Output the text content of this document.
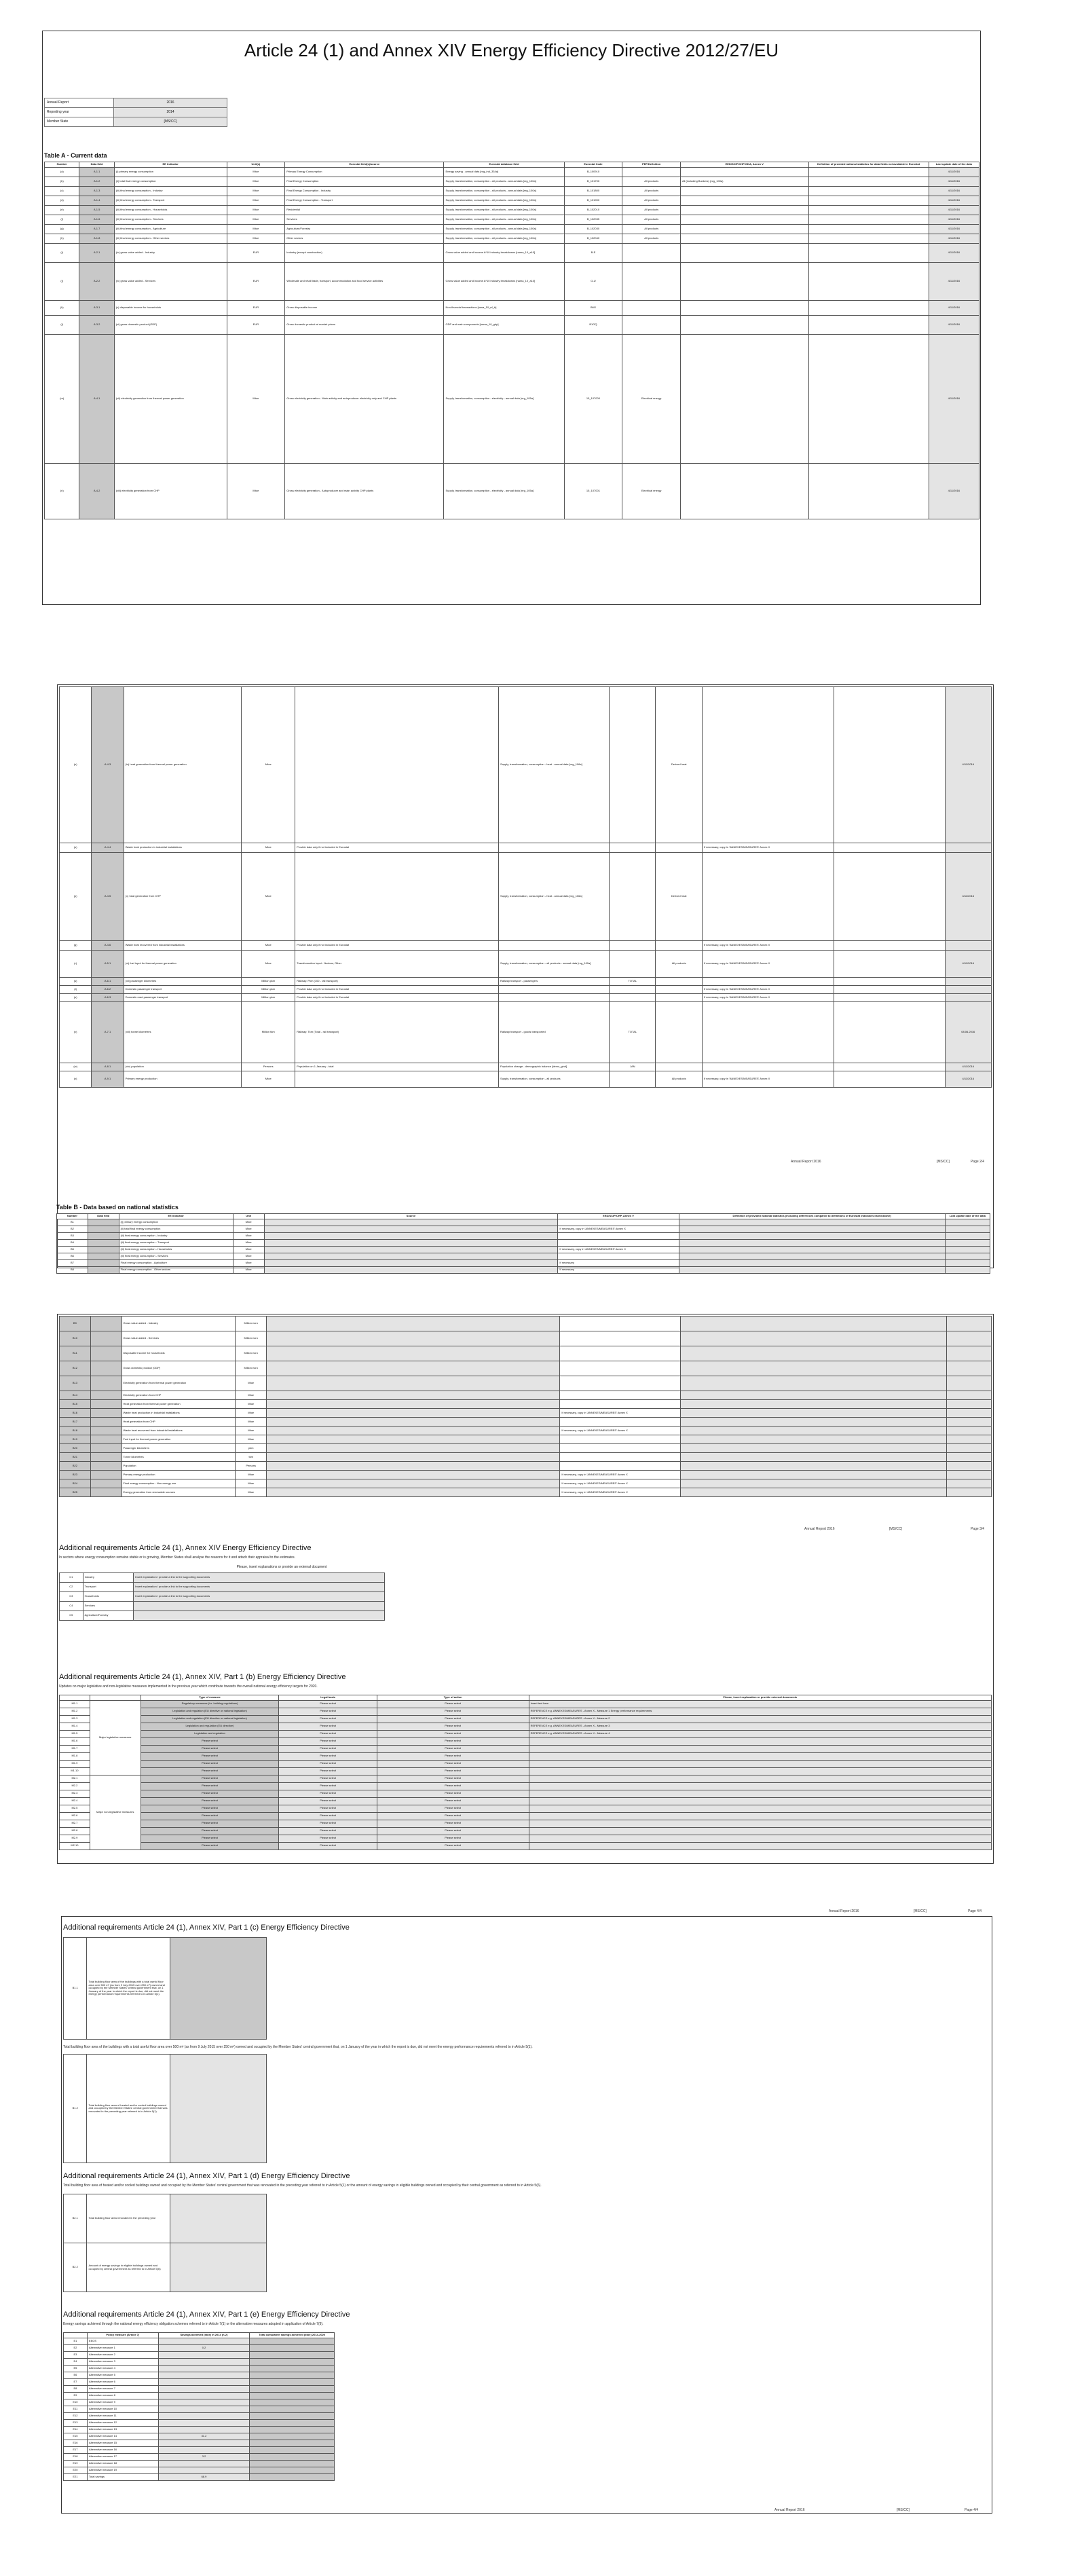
Article 24 (1) and Annex XIV Energy Efficiency Directive 2012/27/EU
Annual Report	2016
Reporting year	2014
Member State	[MS/CC]
Table A - Current data
Number	Data field	EE Indicator	Unit(s)	Eurostat field(s)/source	Eurostat database field	Eurostat Code	PEF/Definition	EED/SCIP/CHP/ODA, Annex V	Definition of provided national statistics for data fields not available in Eurostat	Last update date of the data
(a)	A.1.1	(i) primary energy consumption	Mtoe	Primary Energy Consumption	Energy saving - annual data [nrg_ind_334a]	B_100910				4/11/2016
(b)	A.1.2	(ii) total final energy consumption	Mtoe	Final Energy Consumption	Supply, transformation, consumption - all products - annual data [nrg_100a]	B_101700	All products	All (including Bunkers) (nrg_100a)		4/11/2016
(c)	A.1.3	(iii) final energy consumption - Industry	Mtoe	Final Energy Consumption - Industry	Supply, transformation, consumption - all products - annual data [nrg_100a]	B_101800	All products			4/11/2016
(d)	A.1.4	(iii) final energy consumption - Transport	Mtoe	Final Energy Consumption - Transport	Supply, transformation, consumption - all products - annual data [nrg_100a]	B_101900	All products			4/11/2016
(e)	A.1.5	(iii) final energy consumption - Households	Mtoe	Residential	Supply, transformation, consumption - all products - annual data [nrg_100a]	B_102010	All products			4/11/2016
(f)	A.1.6	(iii) final energy consumption - Services	Mtoe	Services	Supply, transformation, consumption - all products - annual data [nrg_100a]	B_102035	All products			4/11/2016
(g)	A.1.7	(iii) final energy consumption - Agriculture	Mtoe	Agriculture/Forestry	Supply, transformation, consumption - all products - annual data [nrg_100a]	B_102030	All products			4/11/2016
(h)	A.1.8	(iii) final energy consumption - Other sectors	Mtoe	Other sectors	Supply, transformation, consumption - all products - annual data [nrg_100a]	B_102040	All products			4/11/2016
(i)	A.2.1	(iv) gross value added - Industry	EUR	Industry (except construction)	Gross value added and income A*10 industry breakdowns [nama_10_a10]	B-E				4/11/2016
(j)	A.2.2	(iv) gross value added - Services	EUR	Wholesale and retail trade, transport, accommodation and food service activities	Gross value added and income A*10 industry breakdowns [nama_10_a10]	G-U				4/11/2016
(k)	A.3.1	(v) disposable income for households	EUR	Gross disposable income	Non-financial transactions [nasa_10_nf_tr]	B6G				4/11/2016
(l)	A.3.2	(vi) gross domestic product (GDP)	EUR	Gross domestic product at market prices	GDP and main components [nama_10_gdp]	B1GQ				4/11/2016
(m)	A.4.1	(vii) electricity generation from thermal power generation	Mtoe	Gross electricity generation - Main activity and autoproducer electricity only and CHP plants	Supply, transformation, consumption - electricity - annual data [nrg_105a]	15_107000	Electrical energy			4/11/2016
(n)	A.4.2	(viii) electricity generation from CHP	Mtoe	Gross electricity generation - Autoproducer and main activity CHP plants	Supply, transformation, consumption - electricity - annual data [nrg_105a]	15_107001	Electrical energy			4/11/2016
(n)	A.4.3	(ix) heat generation from thermal power generation	Mtoe		Supply, transformation, consumption - heat - annual data [nrg_106a]		Derived heat			4/11/2016
(o)	A.4.4	Waste heat production in industrial installations	Mtoe	Provide data only if not included in Eurostat				If necessary, copy in 'ANNEXES/MEASURES' Annex X		
(p)	A.4.5	(x) heat generation from CHP	Mtoe		Supply, transformation, consumption - heat - annual data [nrg_106a]		Derived heat			4/11/2016
(q)	A.4.6	Waste heat recovered from industrial installations	Mtoe	Provide data only if not included in Eurostat				If necessary, copy in 'ANNEXES/MEASURES' Annex X		
(r)	A.5.1	(xi) fuel input for thermal power generation	Mtoe	Transformation input - Nuclear, Other	Supply, transformation, consumption - all products - annual data [nrg_100a]		All products	If necessary, copy in 'ANNEXES/MEASURES' Annex X		4/11/2016
(s)	A.6.1	(xii) passenger kilometres	Million pkm	Railway: Pkm (100 - rail transport)	Railway transport - passengers	TOTAL				
(t)	A.6.2	Domestic passenger transport	Million pkm	Provide data only if not included in Eurostat				If necessary, copy in 'ANNEXES/MEASURES' Annex X		
(u)	A.6.3	Domestic road passenger transport	Million pkm	Provide data only if not included in Eurostat				If necessary, copy in 'ANNEXES/MEASURES' Annex X		
(v)	A.7.1	(xiii) tonne kilometres	Million tkm	Railway: Tkm (Total - rail transport)	Railway transport - goods transported	TOTAL				08.06.2016
(w)	A.8.1	(xiv) population	Persons	Population on 1 January - total	Population change - demographic balance [demo_gind]	JAN				4/11/2016
(x)	A.9.1	Primary energy production	Mtoe		Supply, transformation, consumption - all products		All products	If necessary, copy in 'ANNEXES/MEASURES' Annex X		4/11/2016
Annual Report 2016	[MS/CC]	Page 2/4
Table B - Data based on national statistics
Number	Data field	EE Indicator	Unit	Source	EED/SCIP/CHP, Annex V	Definition of provided national statistics (including differences compared to definitions of Eurostat indicators listed above)	Last update date of the data
B1		(i) primary energy consumption	Mtoe				
B2		(ii) total final energy consumption	Mtoe		If necessary, copy in 'ANNEXES/MEASURES' Annex X		
B3		(iii) final energy consumption - Industry	Mtoe				
B4		(iii) final energy consumption - Transport	Mtoe				
B5		(iii) final energy consumption - Households	Mtoe		If necessary, copy in 'ANNEXES/MEASURES' Annex X		
B6		(iii) final energy consumption - Services	Mtoe				
B7		Final energy consumption - Agriculture	Mtoe		If necessary		
B8		Final energy consumption - Other sectors	Mtoe		If necessary		
B9		Gross value added - Industry	Million euro				
B10		Gross value added - Services	Million euro				
B11		Disposable income for households	Million euro				
B12		Gross domestic product (GDP)	Million euro				
B13		Electricity generation from thermal power generation	Mtoe				
B14		Electricity generation from CHP	Mtoe				
B15		Heat generation from thermal power generation	Mtoe				
B16		Waste heat production in industrial installations	Mtoe		If necessary, copy in 'ANNEXES/MEASURES' Annex X		
B17		Heat generation from CHP	Mtoe				
B18		Waste heat recovered from industrial installations	Mtoe		If necessary, copy in 'ANNEXES/MEASURES' Annex X		
B19		Fuel input for thermal power generation	Mtoe				
B20		Passenger kilometres	pkm				
B21		Tonne kilometres	tkm				
B22		Population	Persons				
B23		Primary energy production	Mtoe		If necessary, copy in 'ANNEXES/MEASURES' Annex X		
B24		Final energy consumption - Non-energy use	Mtoe		If necessary, copy in 'ANNEXES/MEASURES' Annex X		
B25		Energy generation from renewable sources	Mtoe		If necessary, copy in 'ANNEXES/MEASURES' Annex X		
Annual Report 2016	[MS/CC]	Page 3/4
Additional requirements Article 24 (1), Annex XIV Energy Efficiency Directive
In sectors where energy consumption remains stable or is growing, Member States shall analyse the reasons for it and attach their appraisal to the estimates.
Please, insert explanations or provide an external document
C1	Industry	Insert explanation / provide a link to the supporting documents
C2	Transport	Insert explanation / provide a link to the supporting documents
C3	Households	Insert explanation / provide a link to the supporting documents
C4	Services	
C5	Agriculture/Forestry	
Additional requirements Article 24 (1), Annex XIV, Part 1 (b) Energy Efficiency Directive
Updates on major legislative and non-legislative measures implemented in the previous year which contribute towards the overall national energy efficiency targets for 2020.
		Type of measure	Legal basis	Type of action	Please, insert explanation or provide external documents
M1.1	Major legislative measures	Regulatory measures (i.e. building regulations)	Please select	Please select	Insert text here
M1.2		Legislation and regulation (EU directive or national legislation)	Please select	Please select	REFERENCE e.g. ANNEXES/MEASURES - Annex X - Measure 1 Energy performance requirements
M1.3		Legislation and regulation (EU directive or national legislation)	Please select	Please select	REFERENCE e.g. ANNEXES/MEASURES - Annex X - Measure 2
M1.4		Legislation and regulation (EU directive)	Please select	Please select	REFERENCE e.g. ANNEXES/MEASURES - Annex X - Measure 3
M1.5		Legislation and regulation	Please select	Please select	REFERENCE e.g. ANNEXES/MEASURES - Annex X - Measure 4
M1.6		Please select	Please select	Please select	
M1.7		Please select	Please select	Please select	
M1.8		Please select	Please select	Please select	
M1.9		Please select	Please select	Please select	
M1.10		Please select	Please select	Please select	
M2.1	Major non-legislative measures	Please select	Please select	Please select	
M2.2		Please select	Please select	Please select	
M2.3		Please select	Please select	Please select	
M2.4		Please select	Please select	Please select	
M2.5		Please select	Please select	Please select	
M2.6		Please select	Please select	Please select	
M2.7		Please select	Please select	Please select	
M2.8		Please select	Please select	Please select	
M2.9		Please select	Please select	Please select	
M2.10		Please select	Please select	Please select	
Annual Report 2016	[MS/CC]	Page 4/4
Additional requirements Article 24 (1), Annex XIV, Part 1 (c) Energy Efficiency Directive
B1.1	Total building floor area of the buildings with a total useful floor area over 500 m² (as from 9 July 2015 over 250 m²) owned and occupied by the Member States' central government that, on 1 January of the year in which the report is due, did not meet the energy performance requirements referred to in Article 5(1).	
Total building floor area of the buildings with a total useful floor area over 500 m² (as from 9 July 2015 over 250 m²) owned and occupied by the Member States' central government that, on 1 January of the year in which the report is due, did not meet the energy performance requirements referred to in Article 5(1).
B1.2	Total building floor area of heated and/or cooled buildings owned and occupied by the Member States' central government that was renovated in the preceding year referred to in Article 5(1).	
Additional requirements Article 24 (1), Annex XIV, Part 1 (d) Energy Efficiency Directive
Total building floor area of heated and/or cooled buildings owned and occupied by the Member States' central government that was renovated in the preceding year referred to in Article 5(1) or the amount of energy savings in eligible buildings owned and occupied by their central government as referred to in Article 5(6).
B2.1	Total building floor area renovated in the preceding year	
B2.2	Amount of energy savings in eligible buildings owned and occupied by central government as referred to in Article 5(6)	
Additional requirements Article 24 (1), Annex XIV, Part 1 (e) Energy Efficiency Directive
Energy savings achieved through the national energy efficiency obligation schemes referred to in Article 7(1) or the alternative measures adopted in application of Article 7(9).
	Policy measure (Article 7)	Savings achieved (ktoe) in 2014 (n-2)	Total cumulative savings achieved (ktoe) 2014-2020
E1	EEOS		
E2	Alternative measure 1	0.2	
E3	Alternative measure 2		
E4	Alternative measure 3		
E5	Alternative measure 4		
E6	Alternative measure 5		
E7	Alternative measure 6		
E8	Alternative measure 7		
E9	Alternative measure 8		
E10	Alternative measure 9		
E11	Alternative measure 10		
E12	Alternative measure 11		
E13	Alternative measure 12		
E14	Alternative measure 13		
E15	Alternative measure 14	31.2	
E16	Alternative measure 15		
E17	Alternative measure 16		
E18	Alternative measure 17	3.2	
E19	Alternative measure 18		
E20	Alternative measure 19		
E21	Total savings	68.9	
Annual Report 2016	[MS/CC]	Page 4/4
